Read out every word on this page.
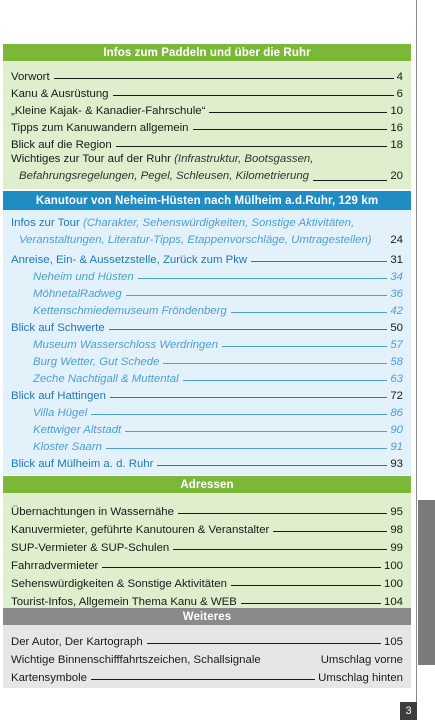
3
Infos zum Paddeln und über die Ruhr
Vorwort	4
Kanu & Ausrüstung	6
„Kleine Kajak- & Kanadier-Fahrschule“	10
Tipps zum Kanuwandern allgemein	16
Blick auf die Region	18
Wichtiges zur Tour auf der Ruhr (Infrastruktur, Bootsgassen,
Befahrungsregelungen, Pegel, Schleusen, Kilometrierung	20
Kanutour von Neheim-Hüsten nach Mülheim a.d.Ruhr, 129 km
Infos zur Tour (Charakter, Sehenswürdigkeiten, Sonstige Aktivitäten,
Veranstaltungen, Literatur-Tipps, Etappenvorschläge, Umtragestellen) 24
Anreise, Ein- & Aussetzstelle, Zurück zum Pkw	31
Neheim und Hüsten	34
MöhnetalRadweg	36
Kettenschmiedemuseum Fröndenberg	42
Blick auf Schwerte	50
Museum Wasserschloss Werdringen	57
Burg Wetter, Gut Schede	58
Zeche Nachtigall & Muttental	63
Blick auf Hattingen	72
Villa Hügel	86
Kettwiger Altstadt	90
Kloster Saarn	91
Blick auf Mülheim a. d. Ruhr	93
Adressen
Übernachtungen in Wassernähe	95
Kanuvermieter, geführte Kanutouren & Veranstalter	98
SUP-Vermieter & SUP-Schulen	99
Fahrradvermieter	100
Sehenswürdigkeiten & Sonstige Aktivitäten	100
Tourist-Infos, Allgemein Thema Kanu & WEB	104
Weiteres
Der Autor, Der Kartograph	105
Wichtige Binnenschifffahrtszeichen, Schallsignale	Umschlag vorne
Kartensymbole	Umschlag hinten
